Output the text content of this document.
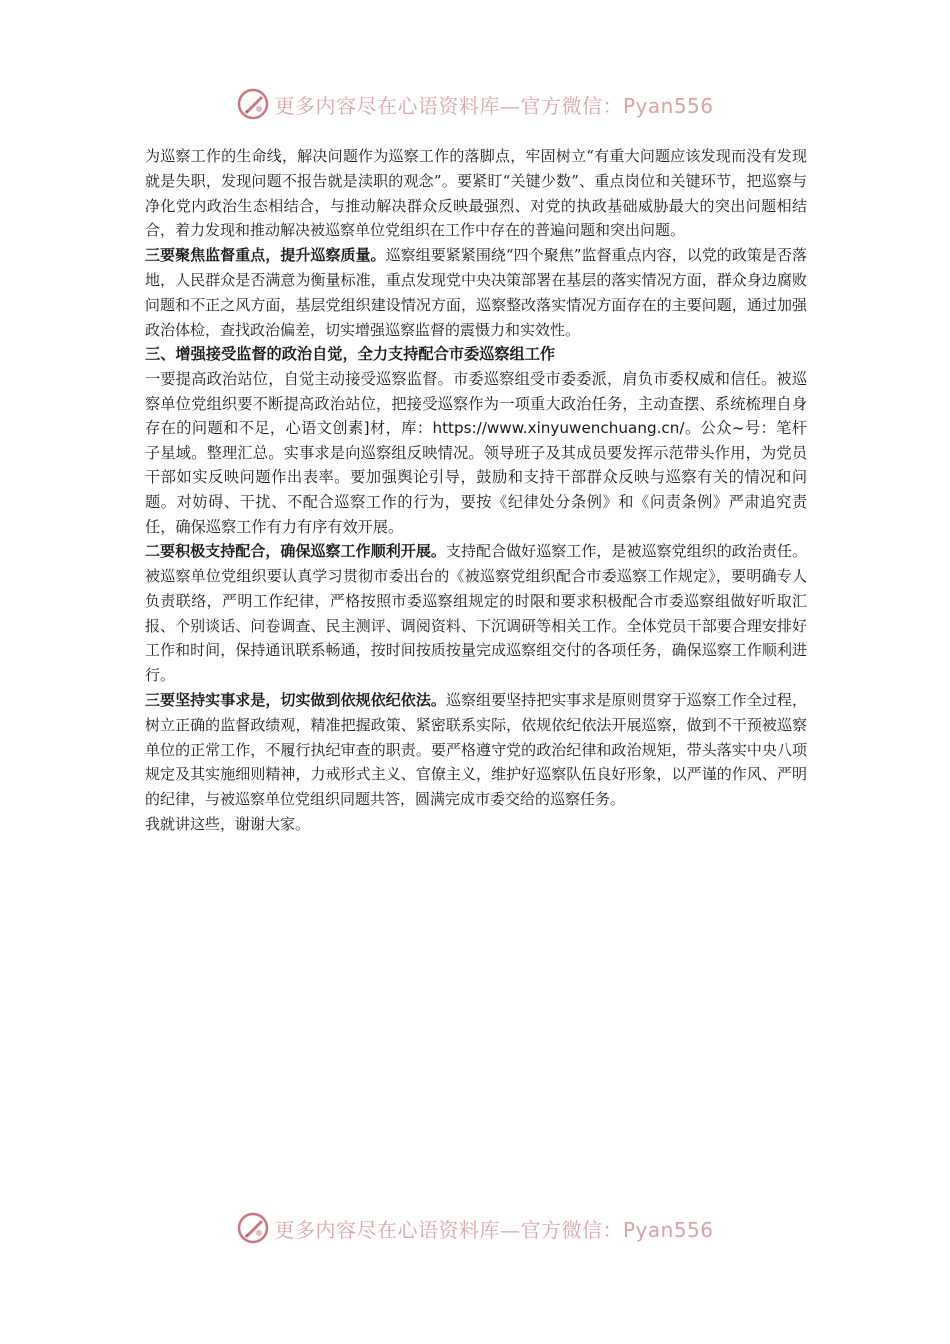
更多内容尽在心语资料库—官方微信：Pyan556

为巡察工作的生命线，解决问题作为巡察工作的落脚点，牢固树立“有重大问题应该发现而没有发现就是失职，发现问题不报告就是渎职的观念”。要紧盯“关键少数”、重点岗位和关键环节，把巡察与净化党内政治生态相结合，与推动解决群众反映最强烈、对党的执政基础威胁最大的突出问题相结合，着力发现和推动解决被巡察单位党组织在工作中存在的普遍问题和突出问题。

三要聚焦监督重点，提升巡察质量。巡察组要紧紧围绕“四个聚焦”监督重点内容，以党的政策是否落地，人民群众是否满意为衡量标准，重点发现党中央决策部署在基层的落实情况方面，群众身边腐败问题和不正之风方面，基层党组织建设情况方面，巡察整改落实情况方面存在的主要问题，通过加强政治体检，查找政治偏差，切实增强巡察监督的震慑力和实效性。

三、增强接受监督的政治自觉，全力支持配合市委巡察组工作

一要提高政治站位，自觉主动接受巡察监督。市委巡察组受市委委派，肩负市委权威和信任。被巡察单位党组织要不断提高政治站位，把接受巡察作为一项重大政治任务，主动查摆、系统梳理自身存在的问题和不足，心语文创素]材，库：https://www.xinyuwenchuang.cn/。公众~号：笔杆子星域。整理汇总。实事求是向巡察组反映情况。领导班子及其成员要发挥示范带头作用，为党员干部如实反映问题作出表率。要加强舆论引导，鼓励和支持干部群众反映与巡察有关的情况和问题。对妨碍、干扰、不配合巡察工作的行为，要按《纪律处分条例》和《问责条例》严肃追究责任，确保巡察工作有力有序有效开展。

二要积极支持配合，确保巡察工作顺利开展。支持配合做好巡察工作，是被巡察党组织的政治责任。被巡察单位党组织要认真学习贯彻市委出台的《被巡察党组织配合市委巡察工作规定》，要明确专人负责联络，严明工作纪律，严格按照市委巡察组规定的时限和要求积极配合市委巡察组做好听取汇报、个别谈话、问卷调查、民主测评、调阅资料、下沉调研等相关工作。全体党员干部要合理安排好工作和时间，保持通讯联系畅通，按时间按质按量完成巡察组交付的各项任务，确保巡察工作顺利进行。

三要坚持实事求是，切实做到依规依纪依法。巡察组要坚持把实事求是原则贯穿于巡察工作全过程，树立正确的监督政绩观，精准把握政策、紧密联系实际，依规依纪依法开展巡察，做到不干预被巡察单位的正常工作，不履行执纪审查的职责。要严格遵守党的政治纪律和政治规矩，带头落实中央八项规定及其实施细则精神，力戒形式主义、官僚主义，维护好巡察队伍良好形象，以严谨的作风、严明的纪律，与被巡察单位党组织同题共答，圆满完成市委交给的巡察任务。

我就讲这些，谢谢大家。

更多内容尽在心语资料库—官方微信：Pyan556
